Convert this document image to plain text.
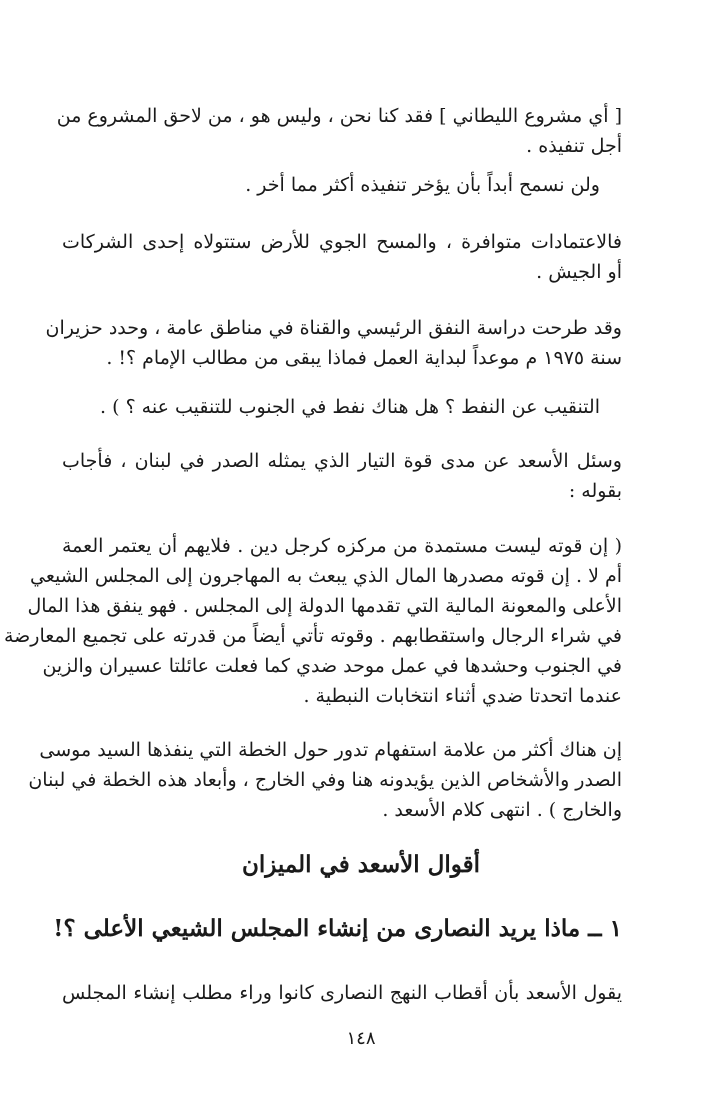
[ أي مشروع الليطاني ] فقد كنا نحن ، وليس هو ، من لاحق المشروع من
أجل تنفيذه .
ولن نسمح أبداً بأن يؤخر تنفيذه أكثر مما أخر .
فالاعتمادات متوافرة ، والمسح الجوي للأرض ستتولاه إحدى الشركات
أو الجيش .
وقد طرحت دراسة النفق الرئيسي والقناة في مناطق عامة ، وحدد حزيران
سنة ١٩٧٥ م موعداً لبداية العمل فماذا يبقى من مطالب الإمام ؟! .
التنقيب عن النفط ؟ هل هناك نفط في الجنوب للتنقيب عنه ؟ ) .
وسئل الأسعد عن مدى قوة التيار الذي يمثله الصدر في لبنان ، فأجاب
بقوله :
( إن قوته ليست مستمدة من مركزه كرجل دين . فلايهم أن يعتمر العمة
أم لا . إن قوته مصدرها المال الذي يبعث به المهاجرون إلى المجلس الشيعي
الأعلى والمعونة المالية التي تقدمها الدولة إلى المجلس . فهو ينفق هذا المال
في شراء الرجال واستقطابهم . وقوته تأتي أيضاً من قدرته على تجميع المعارضة
في الجنوب وحشدها في عمل موحد ضدي كما فعلت عائلتا عسيران والزين
عندما اتحدتا ضدي أثناء انتخابات النبطية .
إن هناك أكثر من علامة استفهام تدور حول الخطة التي ينفذها السيد موسى
الصدر والأشخاص الذين يؤيدونه هنا وفي الخارج ، وأبعاد هذه الخطة في لبنان
والخارج ) . انتهى كلام الأسعد .
أقوال الأسعد في الميزان
١ ــ ماذا يريد النصارى من إنشاء المجلس الشيعي الأعلى ؟!
يقول الأسعد بأن أقطاب النهج النصارى كانوا وراء مطلب إنشاء المجلس
١٤٨
